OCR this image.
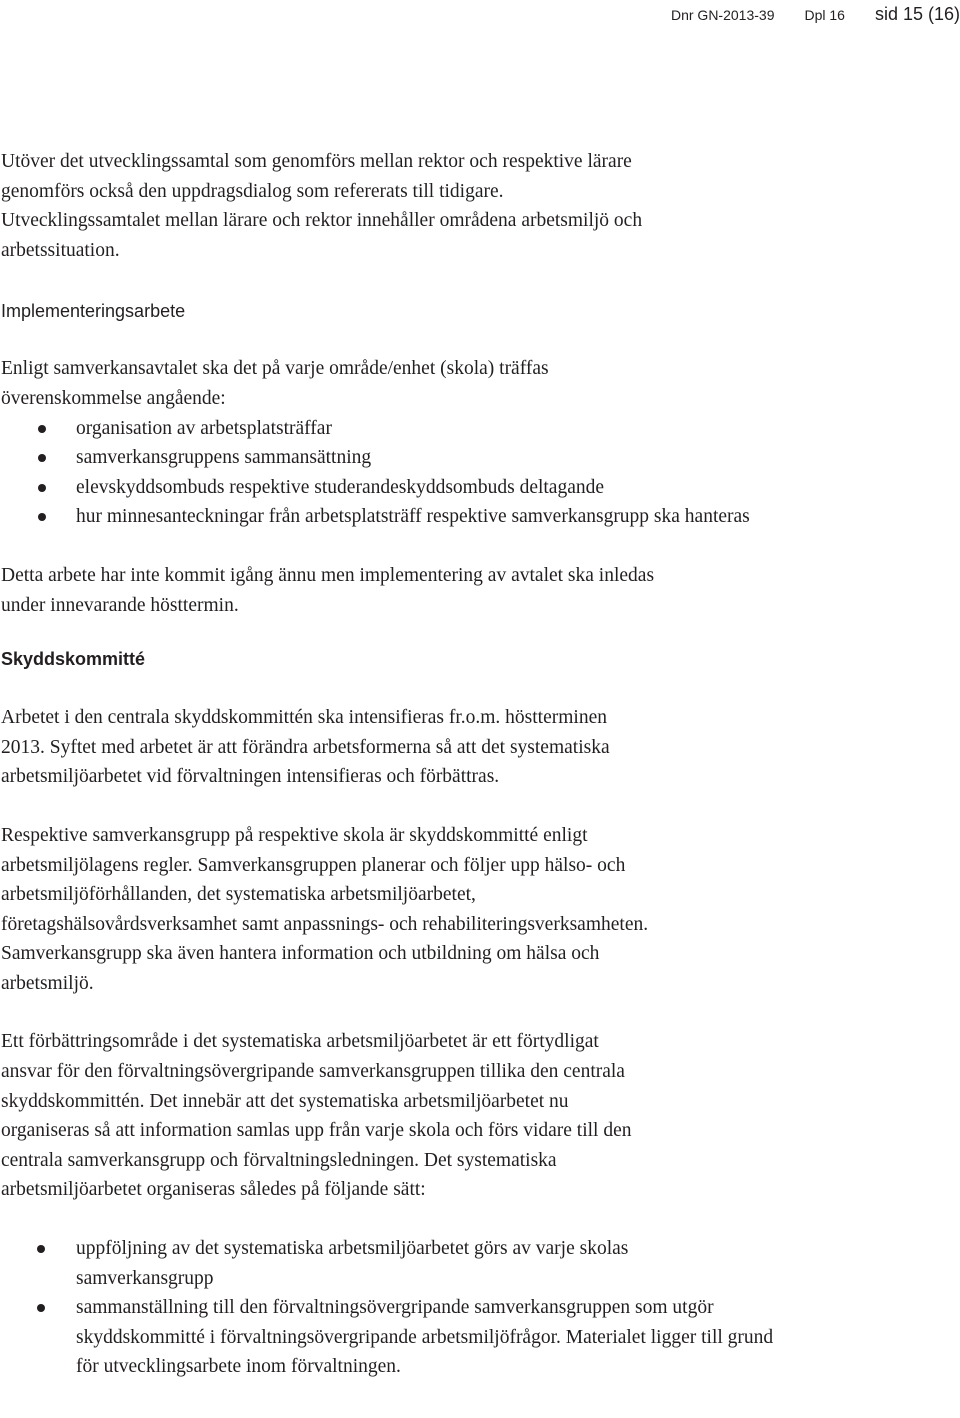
Dnr GN-2013-39 Dpl 16 sid 15 (16)

Utöver det utvecklingssamtal som genomförs mellan rektor och respektive lärare
genomförs också den uppdragsdialog som refererats till tidigare.
Utvecklingssamtalet mellan lärare och rektor innehåller områdena arbetsmiljö och
arbetssituation.

Implementeringsarbete

Enligt samverkansavtalet ska det på varje område/enhet (skola) träffas
överenskommelse angående:

organisation av arbetsplatsträffar
samverkansgruppens sammansättning
elevskyddsombuds respektive studerandeskyddsombuds deltagande
hur minnesanteckningar från arbetsplatsträff respektive samverkansgrupp ska hanteras

Detta arbete har inte kommit igång ännu men implementering av avtalet ska inledas
under innevarande hösttermin.

Skyddskommitté

Arbetet i den centrala skyddskommittén ska intensifieras fr.o.m. höstterminen
2013. Syftet med arbetet är att förändra arbetsformerna så att det systematiska
arbetsmiljöarbetet vid förvaltningen intensifieras och förbättras.

Respektive samverkansgrupp på respektive skola är skyddskommitté enligt
arbetsmiljölagens regler. Samverkansgruppen planerar och följer upp hälso- och
arbetsmiljöförhållanden, det systematiska arbetsmiljöarbetet,
företagshälsovårdsverksamhet samt anpassnings- och rehabiliteringsverksamheten.
Samverkansgrupp ska även hantera information och utbildning om hälsa och
arbetsmiljö.

Ett förbättringsområde i det systematiska arbetsmiljöarbetet är ett förtydligat
ansvar för den förvaltningsövergripande samverkansgruppen tillika den centrala
skyddskommittén. Det innebär att det systematiska arbetsmiljöarbetet nu
organiseras så att information samlas upp från varje skola och förs vidare till den
centrala samverkansgrupp och förvaltningsledningen. Det systematiska
arbetsmiljöarbetet organiseras således på följande sätt:

uppföljning av det systematiska arbetsmiljöarbetet görs av varje skolas samverkansgrupp
sammanställning till den förvaltningsövergripande samverkansgruppen som utgör skyddskommitté i förvaltningsövergripande arbetsmiljöfrågor. Materialet ligger till grund för utvecklingsarbete inom förvaltningen.
